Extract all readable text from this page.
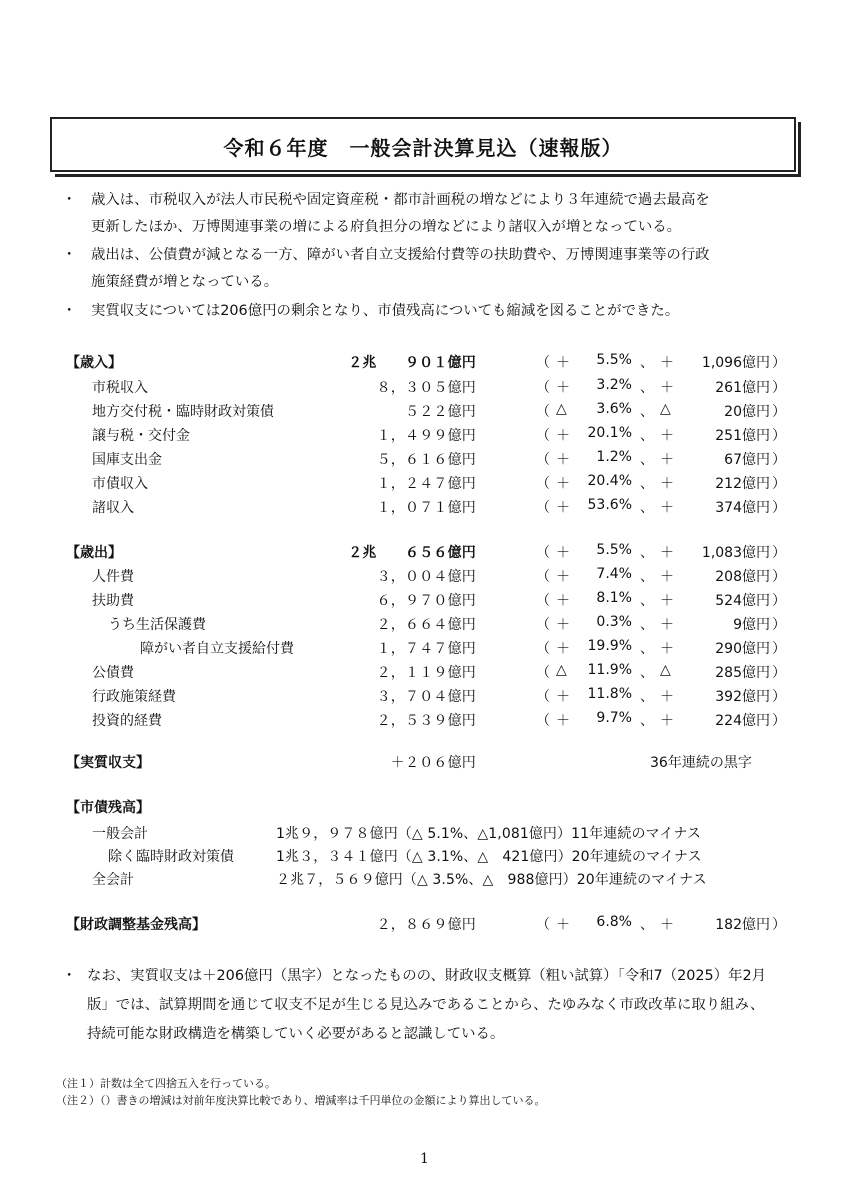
令和６年度　一般会計決算見込（速報版）
・ 歳入は、市税収入が法人市民税や固定資産税・都市計画税の増などにより３年連続で過去最高を
更新したほか、万博関連事業の増による府負担分の増などにより諸収入が増となっている。
・ 歳出は、公債費が減となる一方、障がい者自立支援給付費等の扶助費や、万博関連事業等の行政
施策経費が増となっている。
・ 実質収支については206億円の剰余となり、市債残高についても縮減を図ることができた。
【歳入】	２兆　　９０１億円	（ ＋ 5.5% 、 ＋ 1,096億円 ）
市税収入	８，３０５億円	（ ＋ 3.2% 、 ＋	261億円 ）
地方交付税・臨時財政対策債	５２２億円	（ △ 3.6% 、 △	20億円 ）
譲与税・交付金	１，４９９億円	（ ＋ 20.1% 、 ＋	251億円 ）
国庫支出金	５，６１６億円	（ ＋ 1.2% 、 ＋	67億円 ）
市債収入	１，２４７億円	（ ＋ 20.4% 、 ＋	212億円 ）
諸収入	１，０７１億円	（ ＋ 53.6% 、 ＋	374億円 ）
【歳出】	２兆　　６５６億円	（ ＋ 5.5% 、 ＋ 1,083億円 ）
人件費	３，００４億円	（ ＋ 7.4% 、 ＋	208億円 ）
扶助費	６，９７０億円	（ ＋ 8.1% 、 ＋	524億円 ）
うち生活保護費	２，６６４億円	（ ＋ 0.3% 、 ＋	9億円 ）
障がい者自立支援給付費	１，７４７億円	（ ＋ 19.9% 、 ＋	290億円 ）
公債費	２，１１９億円	（ △ 11.9% 、 △	285億円 ）
行政施策経費	３，７０４億円	（ ＋ 11.8% 、 ＋	392億円 ）
投資的経費	２，５３９億円	（ ＋ 9.7% 、 ＋	224億円 ）
【実質収支】	＋２０６億円	36年連続の黒字
【市債残高】
一般会計	1兆９，９７８億円（△ 5.1%、△1,081億円）11年連続のマイナス
除く臨時財政対策債	1兆３，３４１億円（△ 3.1%、△　421億円）20年連続のマイナス
全会計	２兆７，５６９億円（△ 3.5%、△　988億円）20年連続のマイナス
【財政調整基金残高】	２，８６９億円	（ ＋ 6.8% 、 ＋	182億円 ）
・ なお、実質収支は＋206億円（黒字）となったものの、財政収支概算（粗い試算）「令和7（2025）年2月
版」では、試算期間を通じて収支不足が生じる見込みであることから、たゆみなく市政改革に取り組み、
持続可能な財政構造を構築していく必要があると認識している。
（注１）計数は全て四捨五入を行っている。
（注２）（）書きの増減は対前年度決算比較であり、増減率は千円単位の金額により算出している。
1
